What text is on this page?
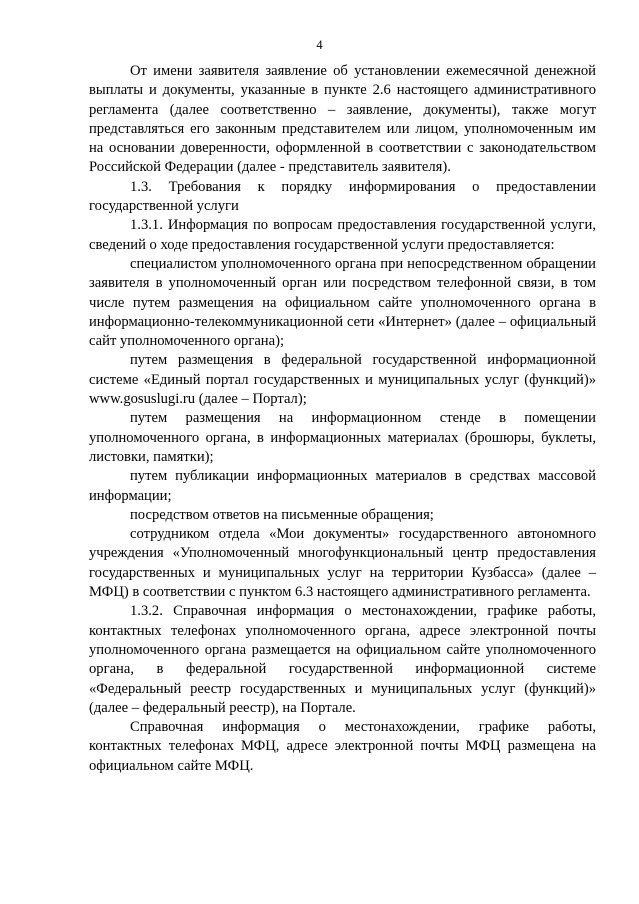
4

От имени заявителя заявление об установлении ежемесячной денежной выплаты и документы, указанные в пункте 2.6 настоящего административного регламента (далее соответственно – заявление, документы), также могут представляться его законным представителем или лицом, уполномоченным им на основании доверенности, оформленной в соответствии с законодательством Российской Федерации (далее - представитель заявителя).

1.3. Требования к порядку информирования о предоставлении государственной услуги

1.3.1. Информация по вопросам предоставления государственной услуги, сведений о ходе предоставления государственной услуги предоставляется:

специалистом уполномоченного органа при непосредственном обращении заявителя в уполномоченный орган или посредством телефонной связи, в том числе путем размещения на официальном сайте уполномоченного органа в информационно-телекоммуникационной сети «Интернет» (далее – официальный сайт уполномоченного органа);

путем размещения в федеральной государственной информационной системе «Единый портал государственных и муниципальных услуг (функций)» www.gosuslugi.ru (далее – Портал);

путем размещения на информационном стенде в помещении уполномоченного органа, в информационных материалах (брошюры, буклеты, листовки, памятки);

путем публикации информационных материалов в средствах массовой информации;

посредством ответов на письменные обращения;

сотрудником отдела «Мои документы» государственного автономного учреждения «Уполномоченный многофункциональный центр предоставления государственных и муниципальных услуг на территории Кузбасса» (далее – МФЦ) в соответствии с пунктом 6.3 настоящего административного регламента.

1.3.2. Справочная информация о местонахождении, графике работы, контактных телефонах уполномоченного органа, адресе электронной почты уполномоченного органа размещается на официальном сайте уполномоченного органа, в федеральной государственной информационной системе «Федеральный реестр государственных и муниципальных услуг (функций)» (далее – федеральный реестр), на Портале.

Справочная информация о местонахождении, графике работы, контактных телефонах МФЦ, адресе электронной почты МФЦ размещена на официальном сайте МФЦ.
